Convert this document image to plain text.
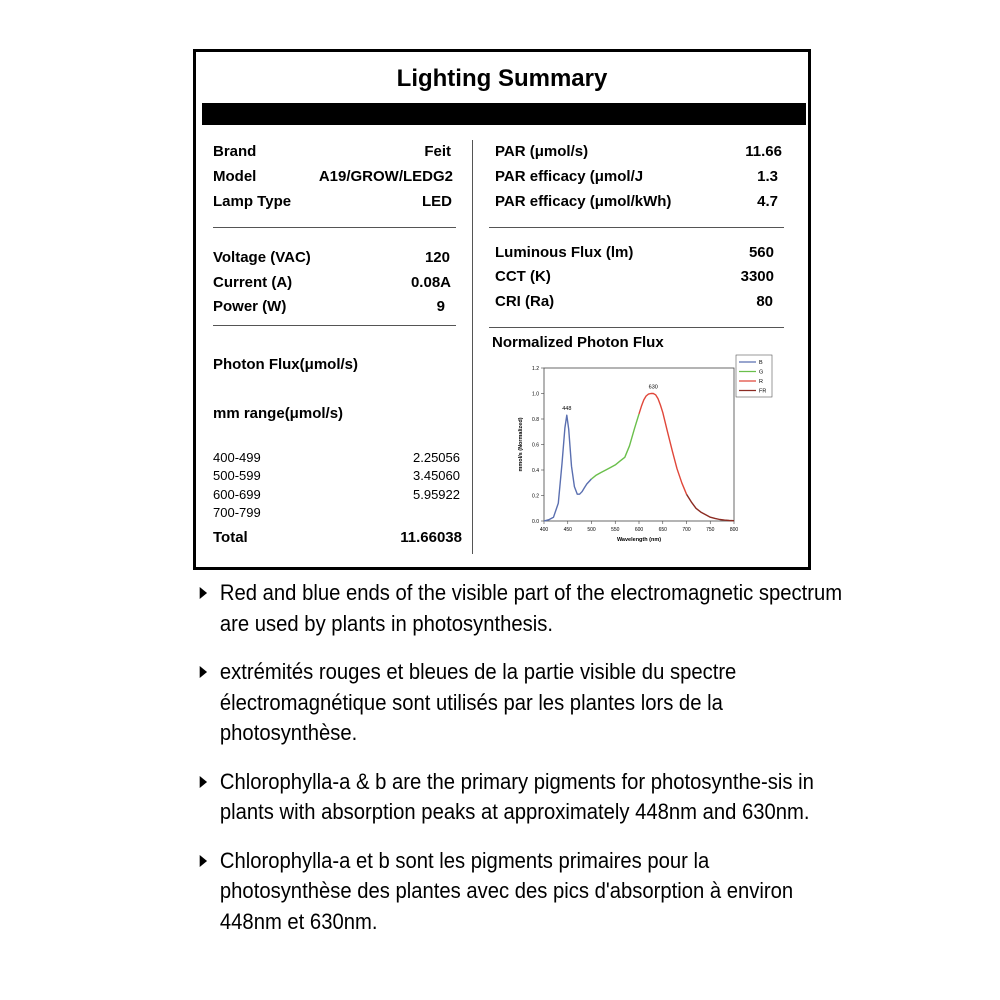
Lighting Summary
Brand	Feit
Model	A19/GROW/LEDG2
Lamp Type	LED
Voltage (VAC)	120
Current (A)	0.08A
Power (W)	9
Photon Flux(μmol/s)
mm range(μmol/s)
400-499	2.25056
500-599	3.45060
600-699	5.95922
700-799
Total	11.66038
PAR (μmol/s)	11.66
PAR efficacy (μmol/J	1.3
PAR efficacy (μmol/kWh)	4.7
Luminous Flux (lm)	560
CCT (K)	3300
CRI (Ra)	80
Normalized Photon Flux
400	450	500	550	600	650	700	750	800
0.0
0.2
0.4
0.6
0.8
1.0
1.2
Wavelength (nm)
mmol/s (Normalized)
448
630
B
G
R
FR
Red and blue ends of the visible part of the electromagnetic spectrum are used by plants in photosynthesis.
extrémités rouges et bleues de la partie visible du spectre électromagnétique sont utilisés par les plantes lors de la photosynthèse.
Chlorophylla-a & b are the primary pigments for photosynthe-sis in plants with absorption peaks at approximately 448nm and 630nm.
Chlorophylla-a et b sont les pigments primaires pour la photosynthèse des plantes avec des pics d'absorption à environ 448nm et 630nm.
